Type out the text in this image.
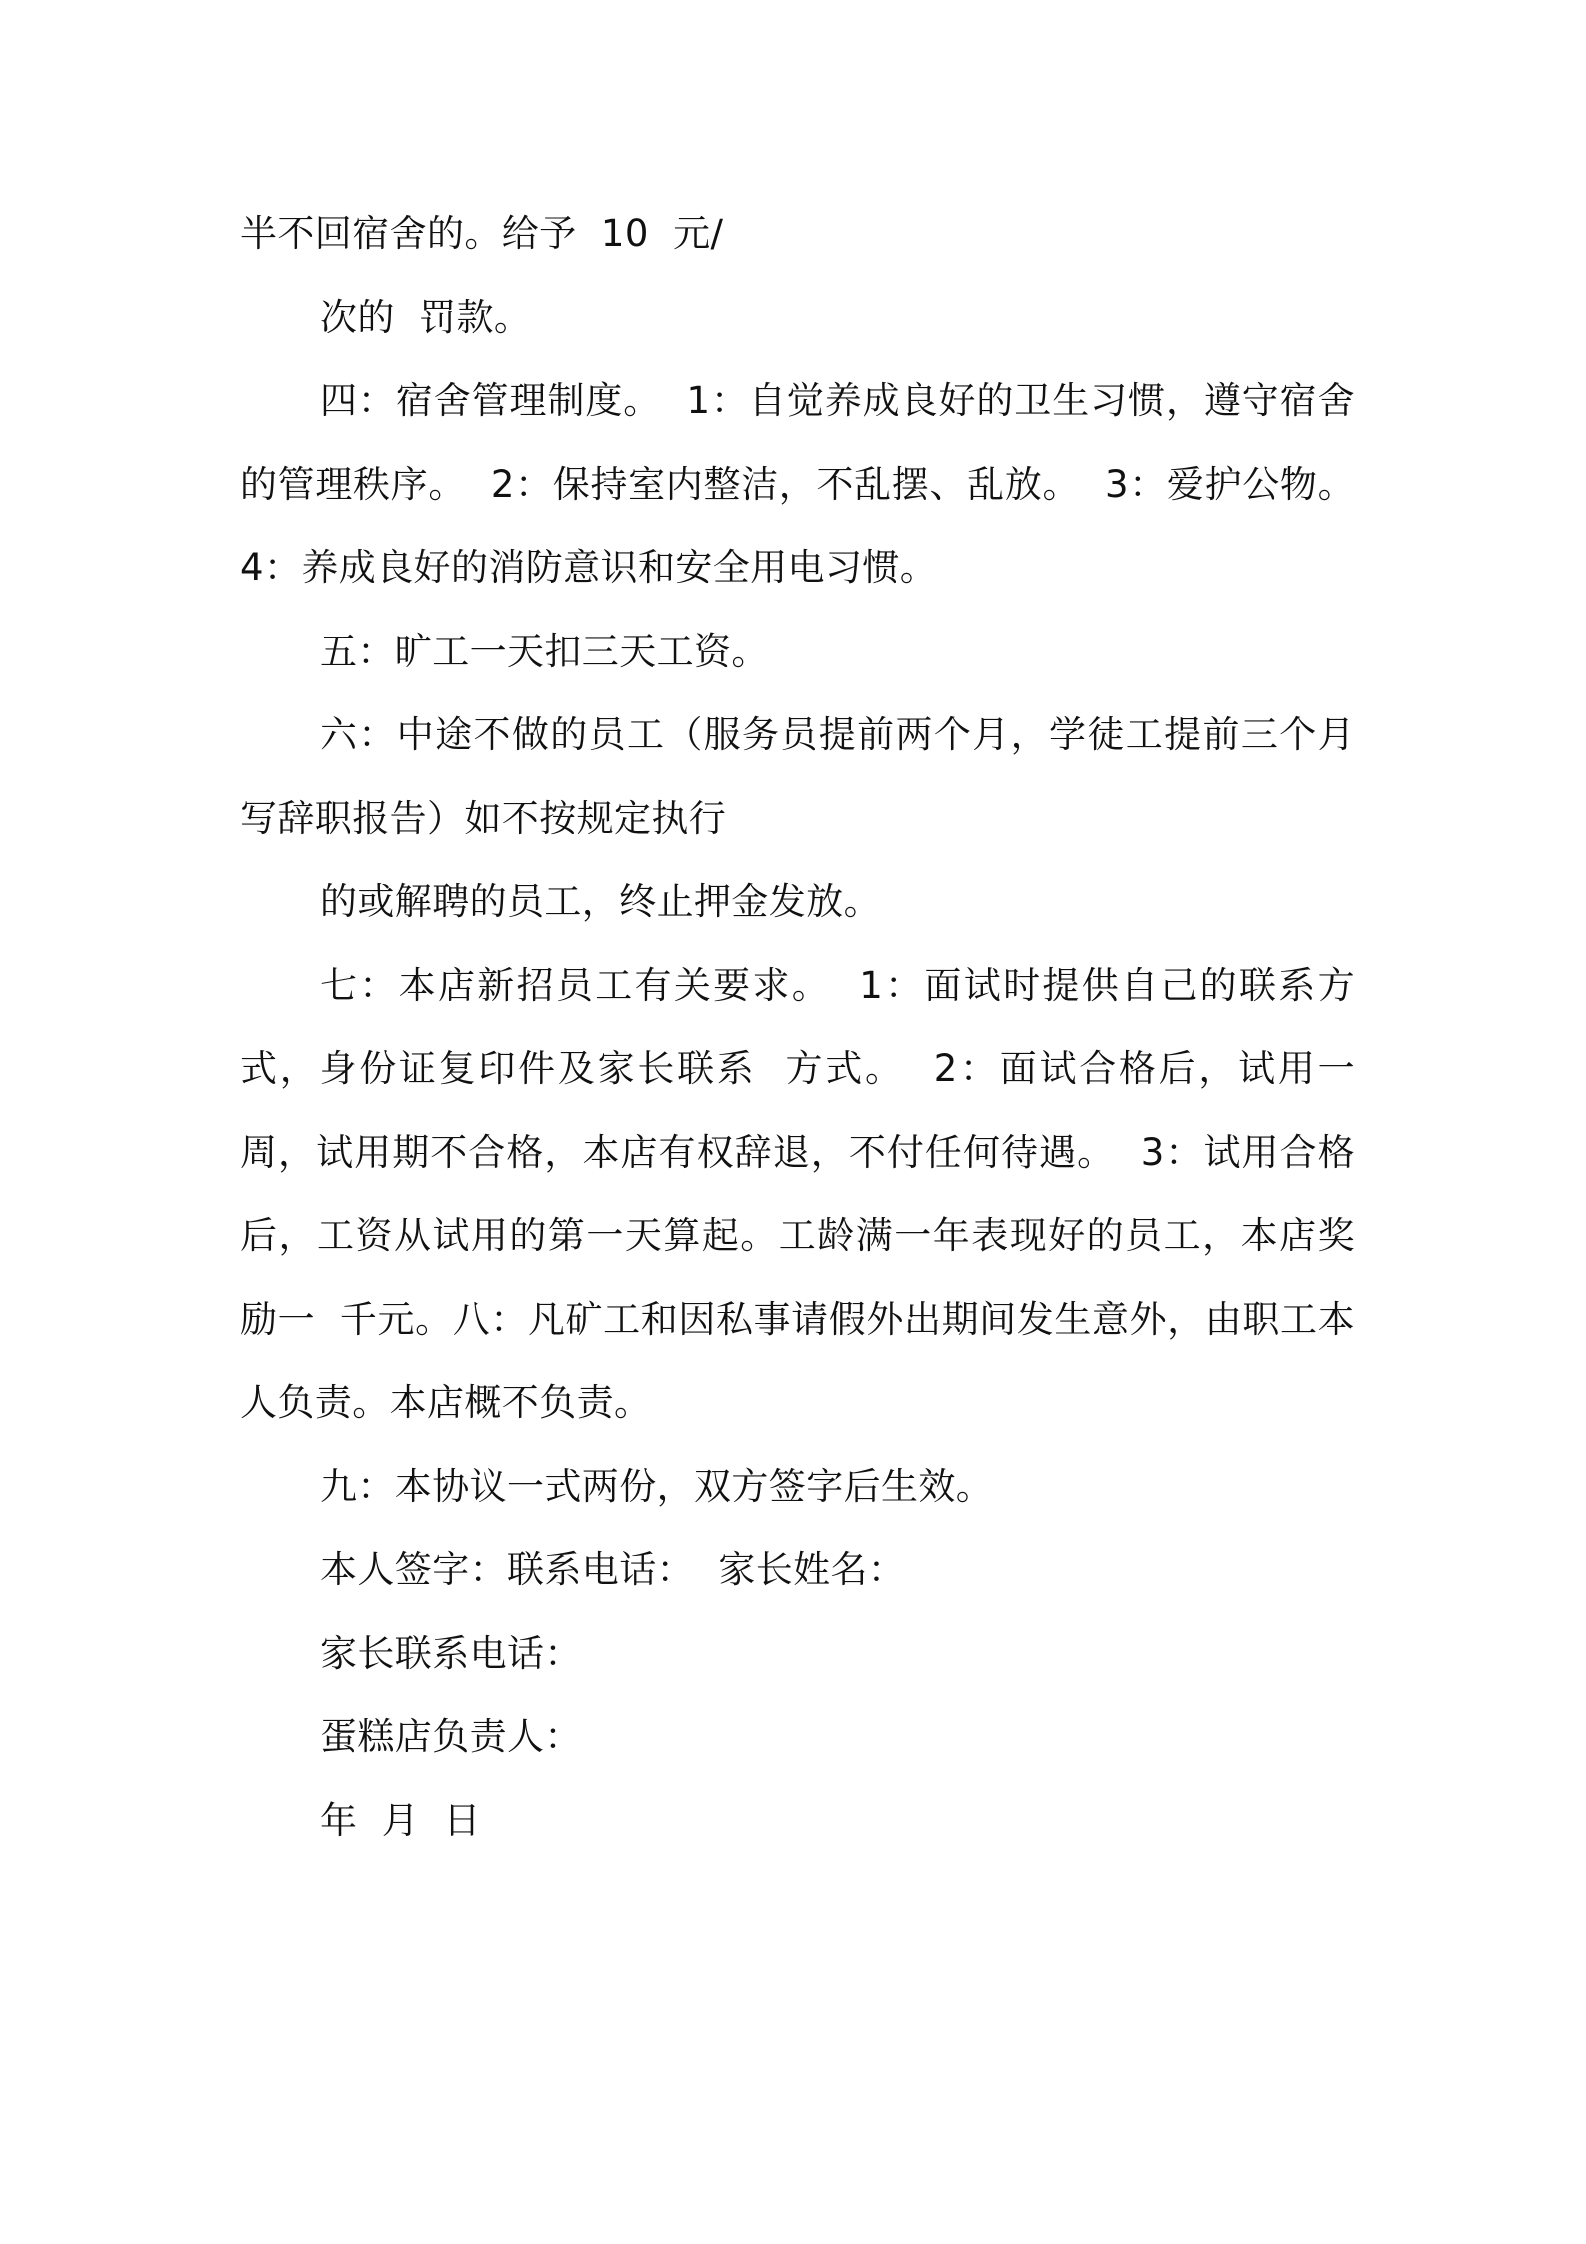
半不回宿舍的。给予  10  元/

次的  罚款。

四：宿舍管理制度。  1：自觉养成良好的卫生习惯，遵守宿舍的管理秩序。  2：保持室内整洁，不乱摆、乱放。  3：爱护公物。  4：养成良好的消防意识和安全用电习惯。

五：旷工一天扣三天工资。

六：中途不做的员工（服务员提前两个月，学徒工提前三个月写辞职报告）如不按规定执行

的或解聘的员工，终止押金发放。

七：本店新招员工有关要求。  1：面试时提供自己的联系方式，身份证复印件及家长联系  方式。  2：面试合格后，试用一周，试用期不合格，本店有权辞退，不付任何待遇。  3：试用合格后，工资从试用的第一天算起。工龄满一年表现好的员工，本店奖励一  千元。八：凡矿工和因私事请假外出期间发生意外，由职工本人负责。本店概不负责。

九：本协议一式两份，双方签字后生效。

本人签字：联系电话：  家长姓名：

家长联系电话：

蛋糕店负责人：

年  月  日
